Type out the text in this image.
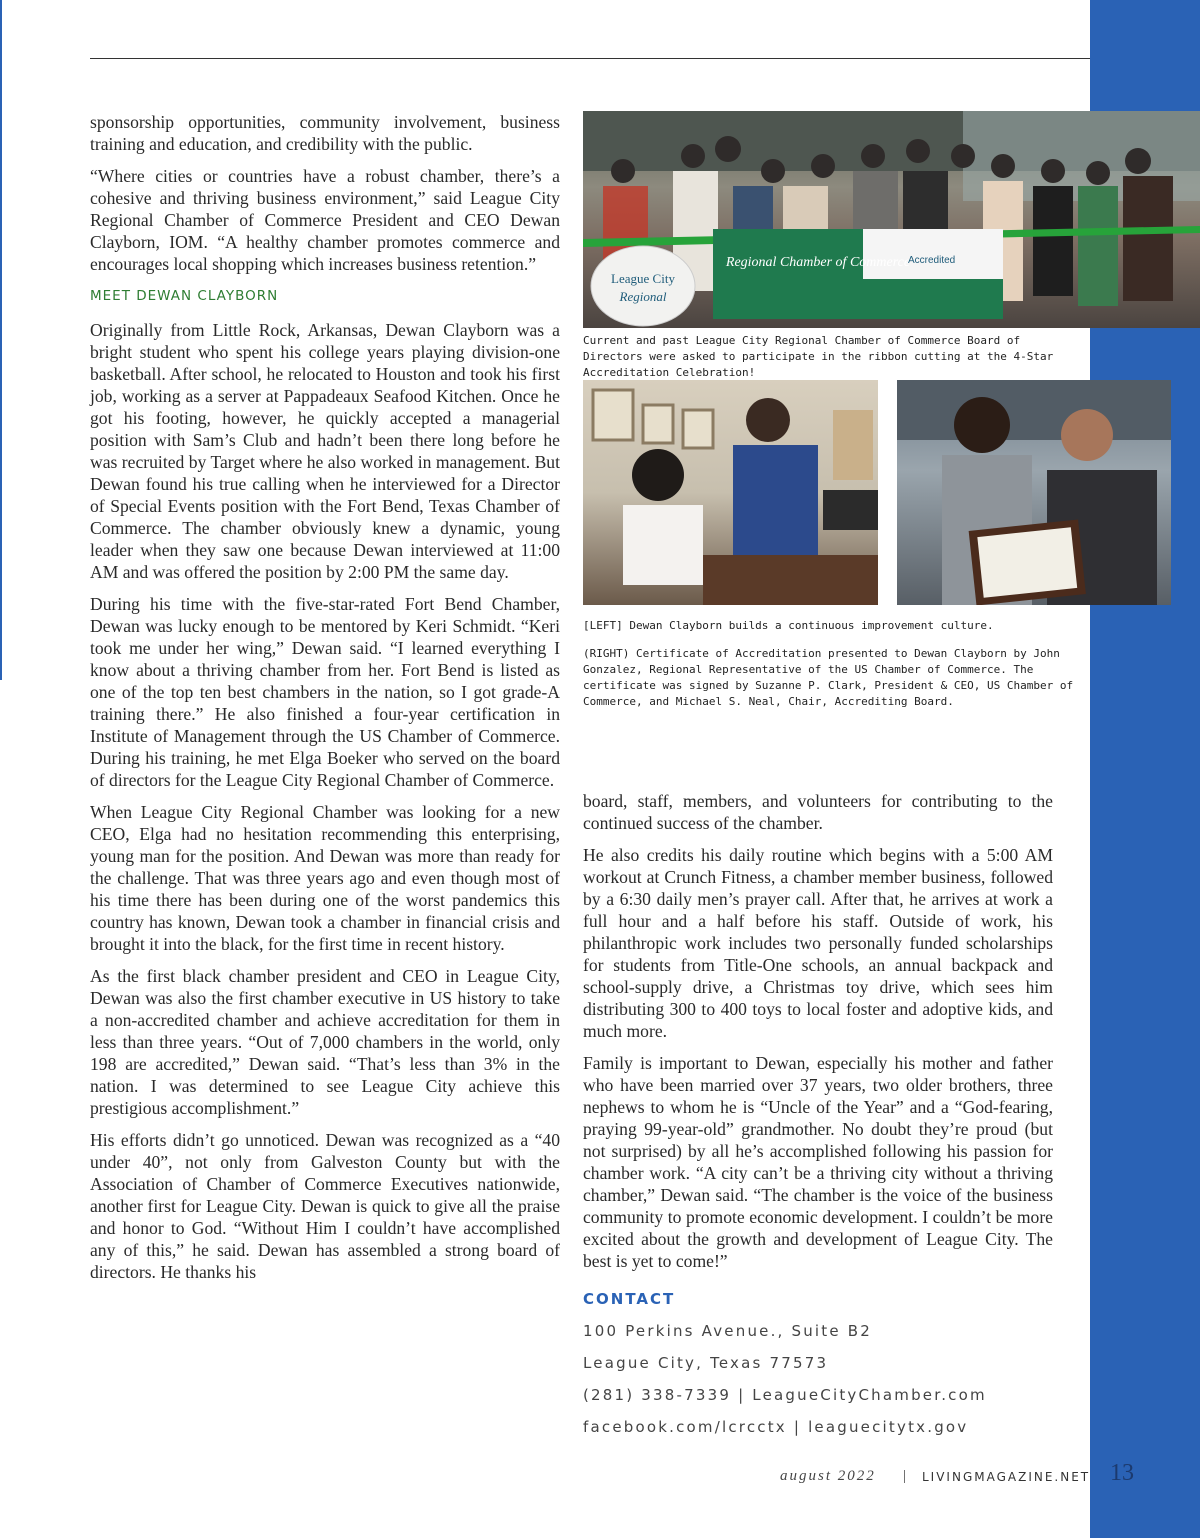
sponsorship opportunities, community involvement, business training and education, and credibility with the public.

“Where cities or countries have a robust chamber, there’s a cohesive and thriving business environment,” said League City Regional Chamber of Commerce President and CEO Dewan Clayborn, IOM. “A healthy chamber promotes commerce and encourages local shopping which increases business retention.”

MEET DEWAN CLAYBORN

Originally from Little Rock, Arkansas, Dewan Clayborn was a bright student who spent his college years playing division-one basketball. After school, he relocated to Houston and took his first job, working as a server at Pappadeaux Seafood Kitchen. Once he got his footing, however, he quickly accepted a managerial position with Sam’s Club and hadn’t been there long before he was recruited by Target where he also worked in management. But Dewan found his true calling when he interviewed for a Director of Special Events position with the Fort Bend, Texas Chamber of Commerce. The chamber obviously knew a dynamic, young leader when they saw one because Dewan interviewed at 11:00 AM and was offered the position by 2:00 PM the same day.

During his time with the five-star-rated Fort Bend Chamber, Dewan was lucky enough to be mentored by Keri Schmidt. “Keri took me under her wing,” Dewan said. “I learned everything I know about a thriving chamber from her. Fort Bend is listed as one of the top ten best chambers in the nation, so I got grade-A training there.” He also finished a four-year certification in Institute of Management through the US Chamber of Commerce. During his training, he met Elga Boeker who served on the board of directors for the League City Regional Chamber of Commerce.

When League City Regional Chamber was looking for a new CEO, Elga had no hesitation recommending this enterprising, young man for the position. And Dewan was more than ready for the challenge. That was three years ago and even though most of his time there has been during one of the worst pandemics this country has known, Dewan took a chamber in financial crisis and brought it into the black, for the first time in recent history.

As the first black chamber president and CEO in League City, Dewan was also the first chamber executive in US history to take a non-accredited chamber and achieve accreditation for them in less than three years. “Out of 7,000 chambers in the world, only 198 are accredited,” Dewan said. “That’s less than 3% in the nation. I was determined to see League City achieve this prestigious accomplishment.”

His efforts didn’t go unnoticed. Dewan was recognized as a “40 under 40”, not only from Galveston County but with the Association of Chamber of Commerce Executives nationwide, another first for League City. Dewan is quick to give all the praise and honor to God. “Without Him I couldn’t have accomplished any of this,” he said. Dewan has assembled a strong board of directors. He thanks his

League City
Regional
Regional Chamber of Commerce
Accredited

Current and past League City Regional Chamber of Commerce Board of Directors were asked to participate in the ribbon cutting at the 4-Star Accreditation Celebration!

[LEFT] Dewan Clayborn builds a continuous improvement culture.

(RIGHT) Certificate of Accreditation presented to Dewan Clayborn by John Gonzalez, Regional Representative of the US Chamber of Commerce. The certificate was signed by Suzanne P. Clark, President & CEO, US Chamber of Commerce, and Michael S. Neal, Chair, Accrediting Board.

board, staff, members, and volunteers for contributing to the continued success of the chamber.

He also credits his daily routine which begins with a 5:00 AM workout at Crunch Fitness, a chamber member business, followed by a 6:30 daily men’s prayer call. After that, he arrives at work a full hour and a half before his staff. Outside of work, his philanthropic work includes two personally funded scholarships for students from Title-One schools, an annual backpack and school-supply drive, a Christmas toy drive, which sees him distributing 300 to 400 toys to local foster and adoptive kids, and much more.

Family is important to Dewan, especially his mother and father who have been married over 37 years, two older brothers, three nephews to whom he is “Uncle of the Year” and a “God-fearing, praying 99-year-old” grandmother. No doubt they’re proud (but not surprised) by all he’s accomplished following his passion for chamber work. “A city can’t be a thriving city without a thriving chamber,” Dewan said. “The chamber is the voice of the business community to promote economic development. I couldn’t be more excited about the growth and development of League City. The best is yet to come!”

CONTACT

100 Perkins Avenue., Suite B2

League City, Texas 77573

(281) 338-7339 | LeagueCityChamber.com

facebook.com/lcrcctx | leaguecitytx.gov

august 2022 | LIVINGMAGAZINE.NET 13
